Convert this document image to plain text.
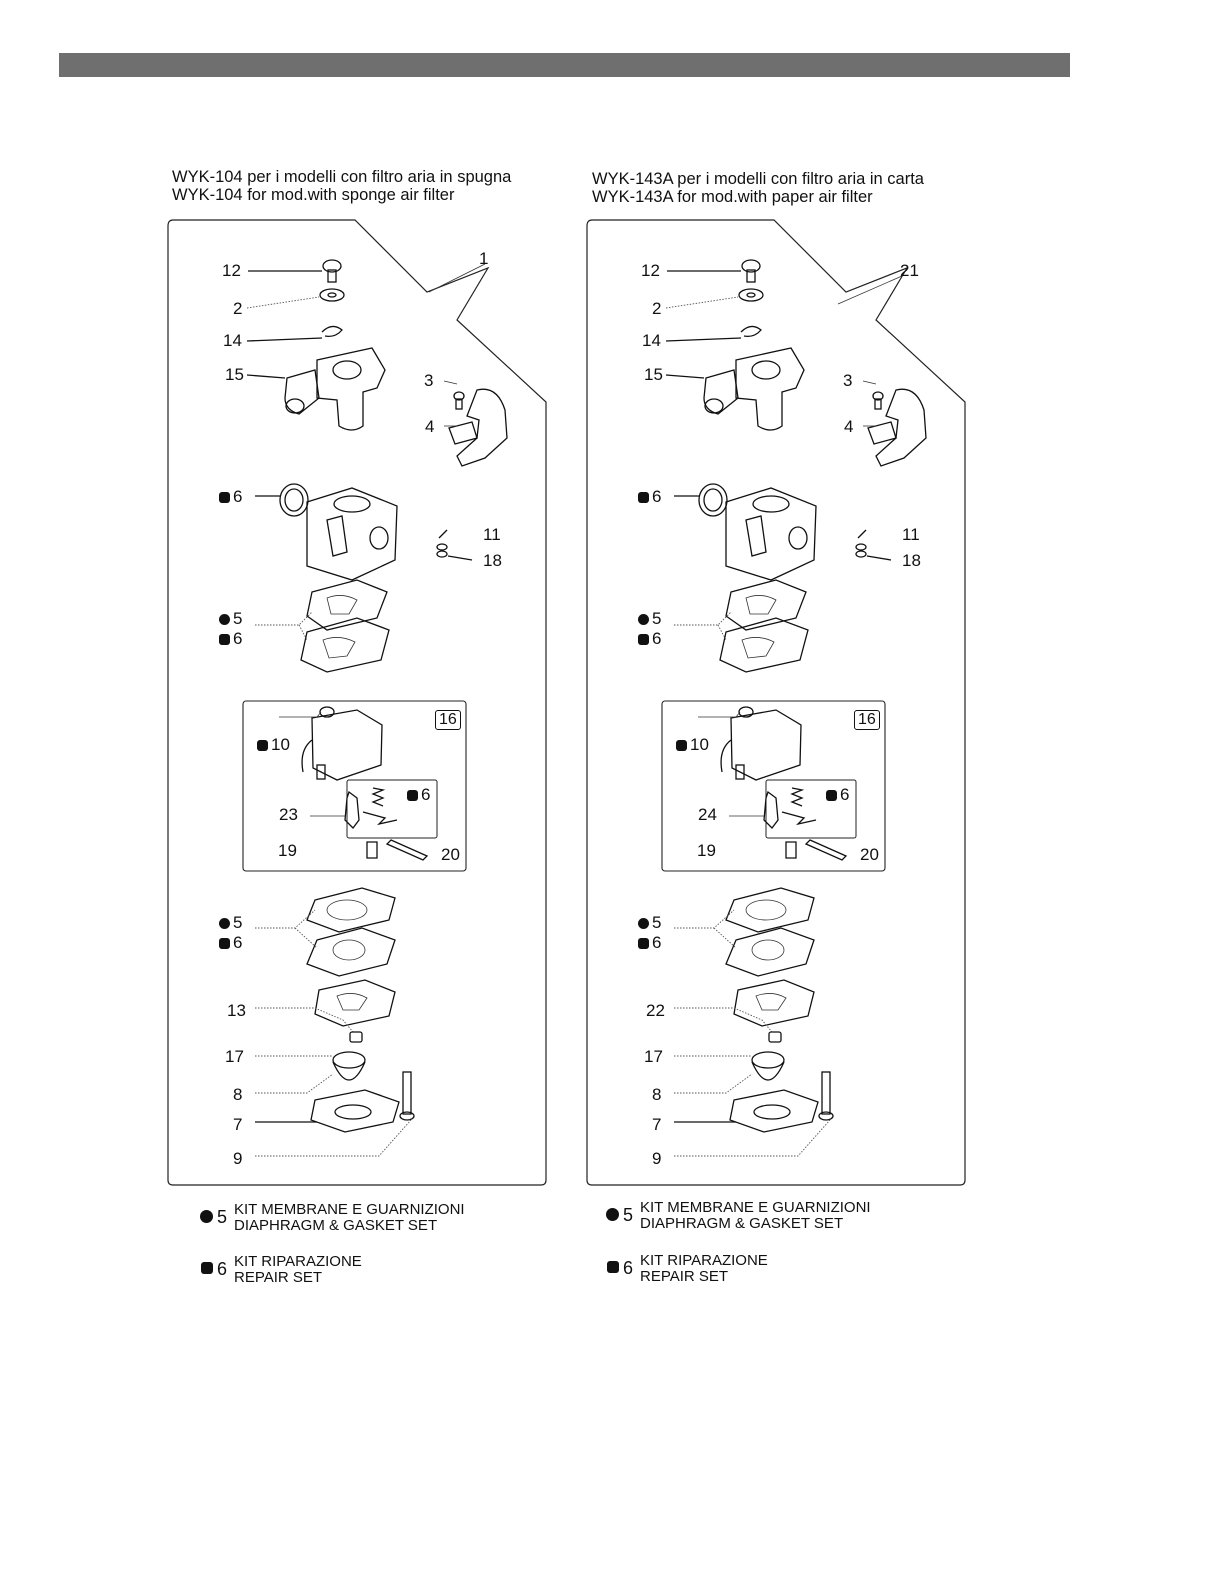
WYK-104 per i modelli con filtro aria in spugna
WYK-104 for mod.with sponge air filter
WYK-143A per i modelli con filtro aria in carta
WYK-143A for mod.with paper air filter
1
12
2
14
15	3
4
6
11
18
5
6
10
16
6
23
19	20
5
6
13
17
8
7
9
21
12
2
14
15	3
4
6
11
18
5
6
10
16
6
24
19	20
5
6
22
17
8
7
9
5 KIT MEMBRANE E GUARNIZIONI
DIAPHRAGM & GASKET SET
6 KIT RIPARAZIONE
REPAIR SET
5 KIT MEMBRANE E GUARNIZIONI
DIAPHRAGM & GASKET SET
6 KIT RIPARAZIONE
REPAIR SET
